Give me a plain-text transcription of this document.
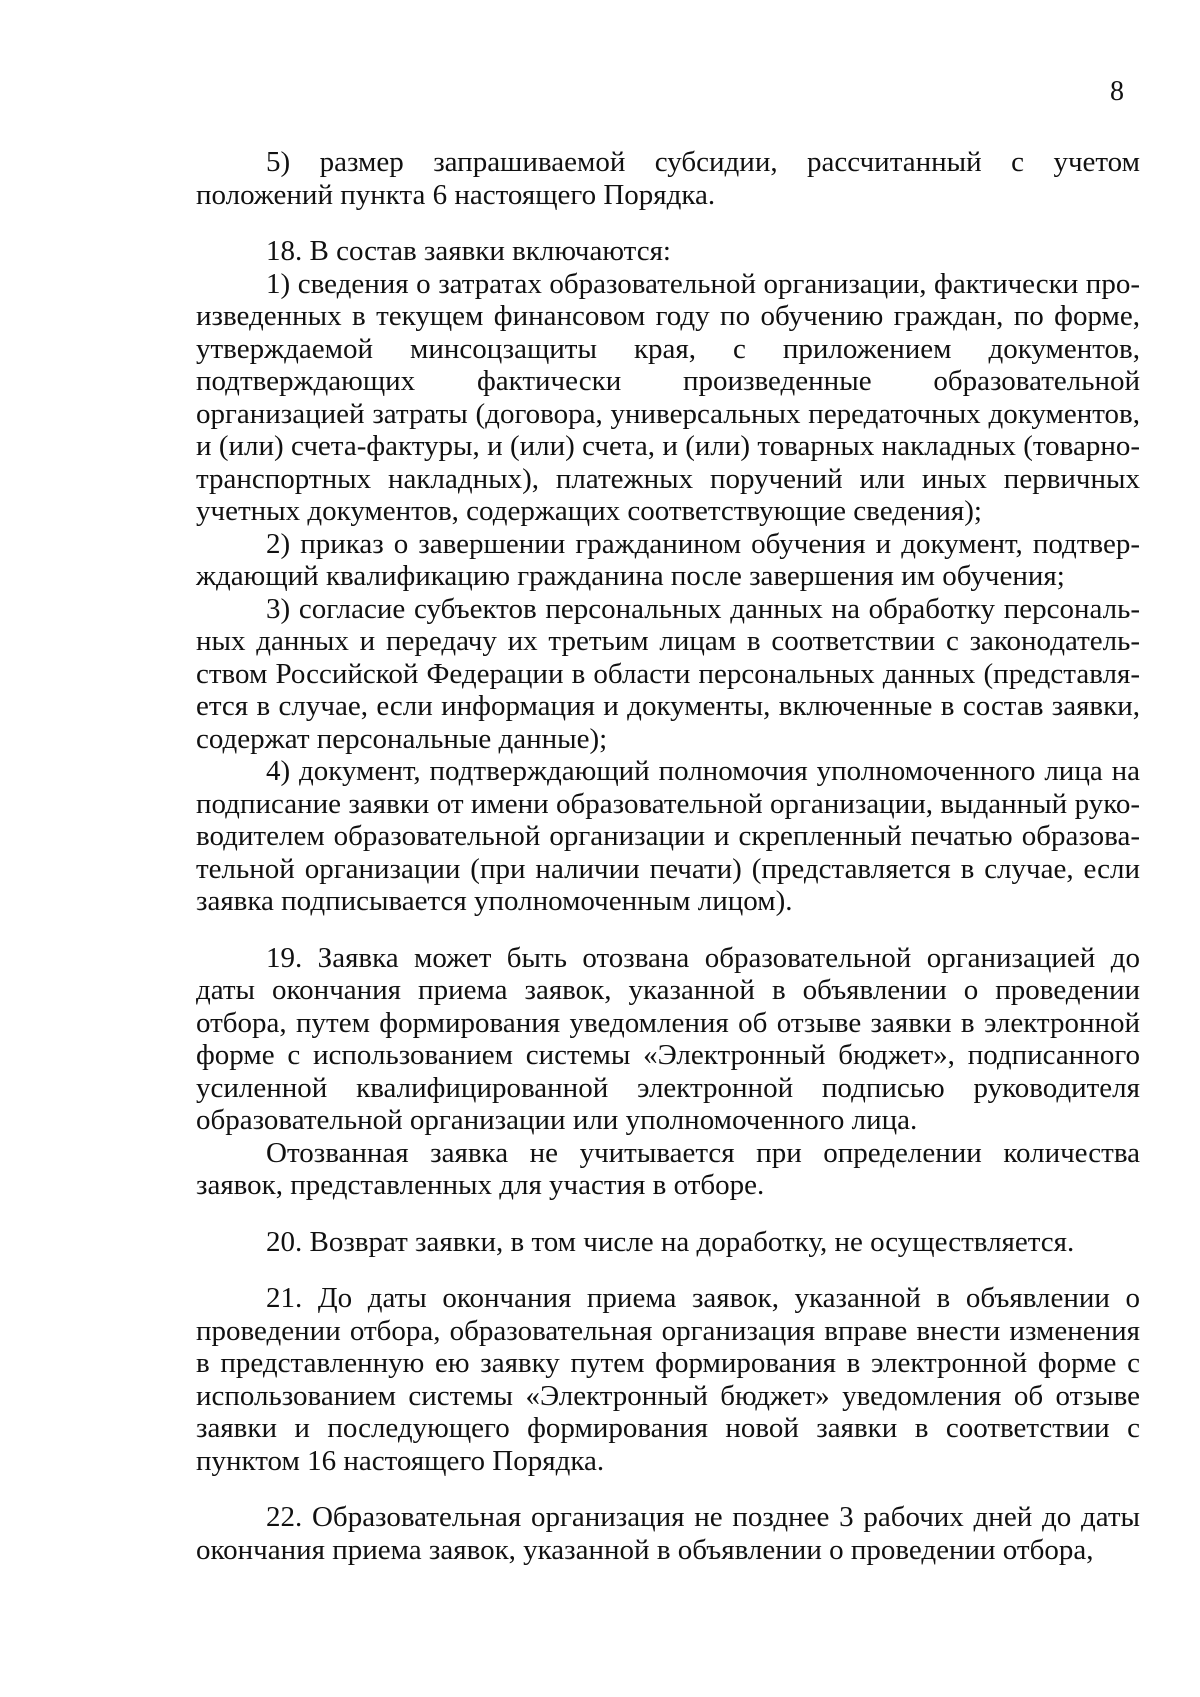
8

5) размер запрашиваемой субсидии, рассчитанный с учетом положений пункта 6 настоящего Порядка.

18. В состав заявки включаются:

1) сведения о затратах образовательной организации, фактически произведенных в текущем финансовом году по обучению граждан, по форме, утверждаемой минсоцзащиты края, с приложением документов, подтверждающих фактически произведенные образовательной организацией затраты (договора, универсальных передаточных документов, и (или) счета-фактуры, и (или) счета, и (или) товарных накладных (товарно-транспортных накладных), платежных поручений или иных первичных учетных документов, содержащих соответствующие сведения);

2) приказ о завершении гражданином обучения и документ, подтверждающий квалификацию гражданина после завершения им обучения;

3) согласие субъектов персональных данных на обработку персональных данных и передачу их третьим лицам в соответствии с законодательством Российской Федерации в области персональных данных (представляется в случае, если информация и документы, включенные в состав заявки, содержат персональные данные);

4) документ, подтверждающий полномочия уполномоченного лица на подписание заявки от имени образовательной организации, выданный руководителем образовательной организации и скрепленный печатью образовательной организации (при наличии печати) (представляется в случае, если заявка подписывается уполномоченным лицом).

19. Заявка может быть отозвана образовательной организацией до даты окончания приема заявок, указанной в объявлении о проведении отбора, путем формирования уведомления об отзыве заявки в электронной форме с использованием системы «Электронный бюджет», подписанного усиленной квалифицированной электронной подписью руководителя образовательной организации или уполномоченного лица.

Отозванная заявка не учитывается при определении количества заявок, представленных для участия в отборе.

20. Возврат заявки, в том числе на доработку, не осуществляется.

21. До даты окончания приема заявок, указанной в объявлении о проведении отбора, образовательная организация вправе внести изменения в представленную ею заявку путем формирования в электронной форме с использованием системы «Электронный бюджет» уведомления об отзыве заявки и последующего формирования новой заявки в соответствии с пунктом 16 настоящего Порядка.

22. Образовательная организация не позднее 3 рабочих дней до даты окончания приема заявок, указанной в объявлении о проведении отбора,
